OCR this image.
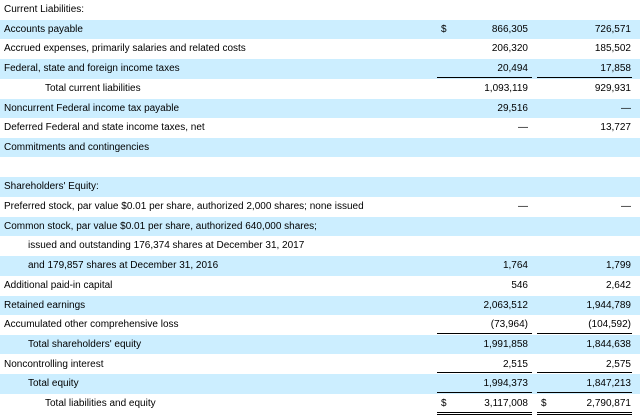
Current Liabilities:
Accounts payable	$	866,305	726,571
Accrued expenses, primarily salaries and related costs	206,320	185,502
Federal, state and foreign income taxes	20,494	17,858
Total current liabilities	1,093,119	929,931
Noncurrent Federal income tax payable	29,516	—
Deferred Federal and state income taxes, net	—	13,727
Commitments and contingencies
Shareholders' Equity:
Preferred stock, par value $0.01 per share, authorized 2,000 shares; none issued	—	—
Common stock, par value $0.01 per share, authorized 640,000 shares;
issued and outstanding 176,374 shares at December 31, 2017
and 179,857 shares at December 31, 2016	1,764	1,799
Additional paid-in capital	546	2,642
Retained earnings	2,063,512	1,944,789
Accumulated other comprehensive loss	(73,964)	(104,592)
Total shareholders' equity	1,991,858	1,844,638
Noncontrolling interest	2,515	2,575
Total equity	1,994,373	1,847,213
Total liabilities and equity	$	3,117,008 $	2,790,871
